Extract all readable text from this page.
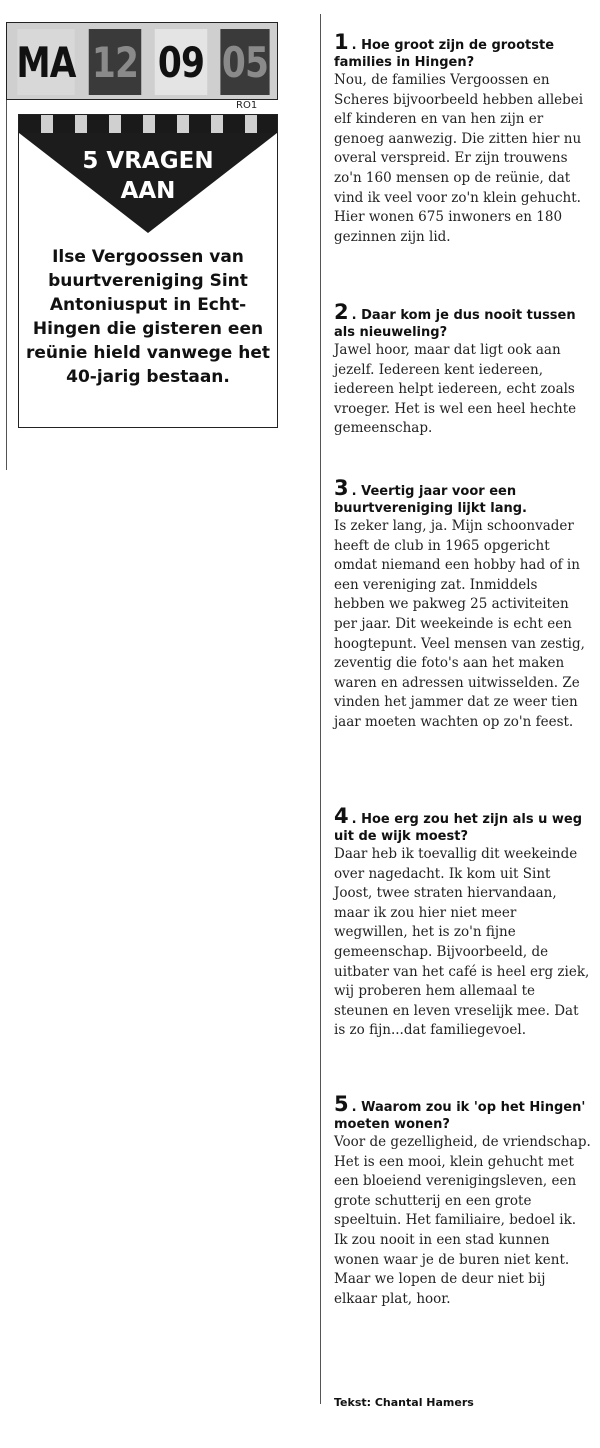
MA 12 09 05
RO1
5 VRAGEN
AAN
Ilse Vergoossen van buurtvereniging Sint Antoniusput in Echt-Hingen die gisteren een reünie hield vanwege het 40-jarig bestaan.
1 . Hoe groot zijn de grootste families in Hingen?
Nou, de families Vergoossen en Scheres bijvoorbeeld hebben allebei elf kinderen en van hen zijn er genoeg aanwezig. Die zitten hier nu overal verspreid. Er zijn trouwens zo'n 160 mensen op de reünie, dat vind ik veel voor zo'n klein gehucht. Hier wonen 675 inwoners en 180 gezinnen zijn lid.
2 . Daar kom je dus nooit tussen als nieuweling?
Jawel hoor, maar dat ligt ook aan jezelf. Iedereen kent iedereen, iedereen helpt iedereen, echt zoals vroeger. Het is wel een heel hechte gemeenschap.
3 . Veertig jaar voor een buurtvereniging lijkt lang.
Is zeker lang, ja. Mijn schoonvader heeft de club in 1965 opgericht omdat niemand een hobby had of in een vereniging zat. Inmiddels hebben we pakweg 25 activiteiten per jaar. Dit weekeinde is echt een hoogtepunt. Veel mensen van zestig, zeventig die foto's aan het maken waren en adressen uitwisselden. Ze vinden het jammer dat ze weer tien jaar moeten wachten op zo'n feest.
4 . Hoe erg zou het zijn als u weg uit de wijk moest?
Daar heb ik toevallig dit weekeinde over nagedacht. Ik kom uit Sint Joost, twee straten hiervandaan, maar ik zou hier niet meer wegwillen, het is zo'n fijne gemeenschap. Bijvoorbeeld, de uitbater van het café is heel erg ziek, wij proberen hem allemaal te steunen en leven vreselijk mee. Dat is zo fijn...dat familiegevoel.
5 . Waarom zou ik 'op het Hingen' moeten wonen?
Voor de gezelligheid, de vriendschap. Het is een mooi, klein gehucht met een bloeiend verenigingsleven, een grote schutterij en een grote speeltuin. Het familiaire, bedoel ik. Ik zou nooit in een stad kunnen wonen waar je de buren niet kent. Maar we lopen de deur niet bij elkaar plat, hoor.
Tekst: Chantal Hamers
